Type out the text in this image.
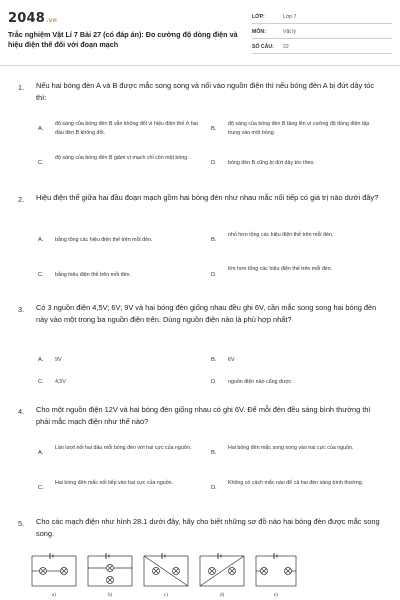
2048.vn
Trắc nghiệm Vật Lí 7 Bài 27 (có đáp án): Đo cường độ dòng điện và hiệu điện thế đối với đoạn mạch
LỚP:	Lớp 7
MÔN:	Vật lý
SỐ CÂU:	22
1. Nếu hai bóng đèn A và B được mắc song song và nối vào nguồn điện thì nếu bóng đèn A bị đứt dây tóc thì:
A.
độ sáng của bóng đèn B vẫn không đổi vì hiệu điện thế ở hai đầu đèn B không đổi.
B.
độ sáng của bóng đèn B tăng lên vì cường độ dòng điện tập trung vào một bóng.
C.
độ sáng của bóng đèn B giảm vì mạch chỉ còn một bóng.
D. bóng đèn B cũng bị đứt dây tóc theo.
2. Hiệu điện thế giữa hai đầu đoạn mạch gồm hai bóng đèn như nhau mắc nối tiếp có giá trị nào dưới đây?
A. bằng tổng các hiệu điện thế trên mỗi đèn.	B.
nhỏ hơn tổng các hiệu điện thế trên mỗi đèn.
C. bằng hiệu điện thế trên mỗi đèn.	D.
lớn hơn tổng các hiệu điện thế trên mỗi đèn.
3. Có 3 nguồn điện 4,5V; 6V; 9V và hai bóng đèn giống nhau đều ghi 6V, cần mắc song song hai bóng đèn này vào một trong ba nguồn điện trên. Dùng nguồn điện nào là phù hợp nhất?
A. 9V	B. 6V
C. 4,5V	D. nguồn điện nào cũng được
4. Cho một nguồn điện 12V và hai bóng đèn giống nhau có ghi 6V. Để mỗi đèn đều sáng bình thường thì phải mắc mạch điện như thế nào?
A.
Lần lượt nối hai đầu mỗi bóng đèn với hai cực của nguồn.
B.
Hai bóng đèn mắc song song vào hai cực của nguồn.
C.
Hai bóng đèn mắc nối tiếp vào hai cực của nguồn.
D.
Không có cách mắc nào để cả hai đèn sáng bình thường.
5. Cho các mạch điện như hình 28.1 dưới đây, hãy cho biết những sơ đồ nào hai bóng đèn được mắc song song.
a)	b)	c)	d)	e)
